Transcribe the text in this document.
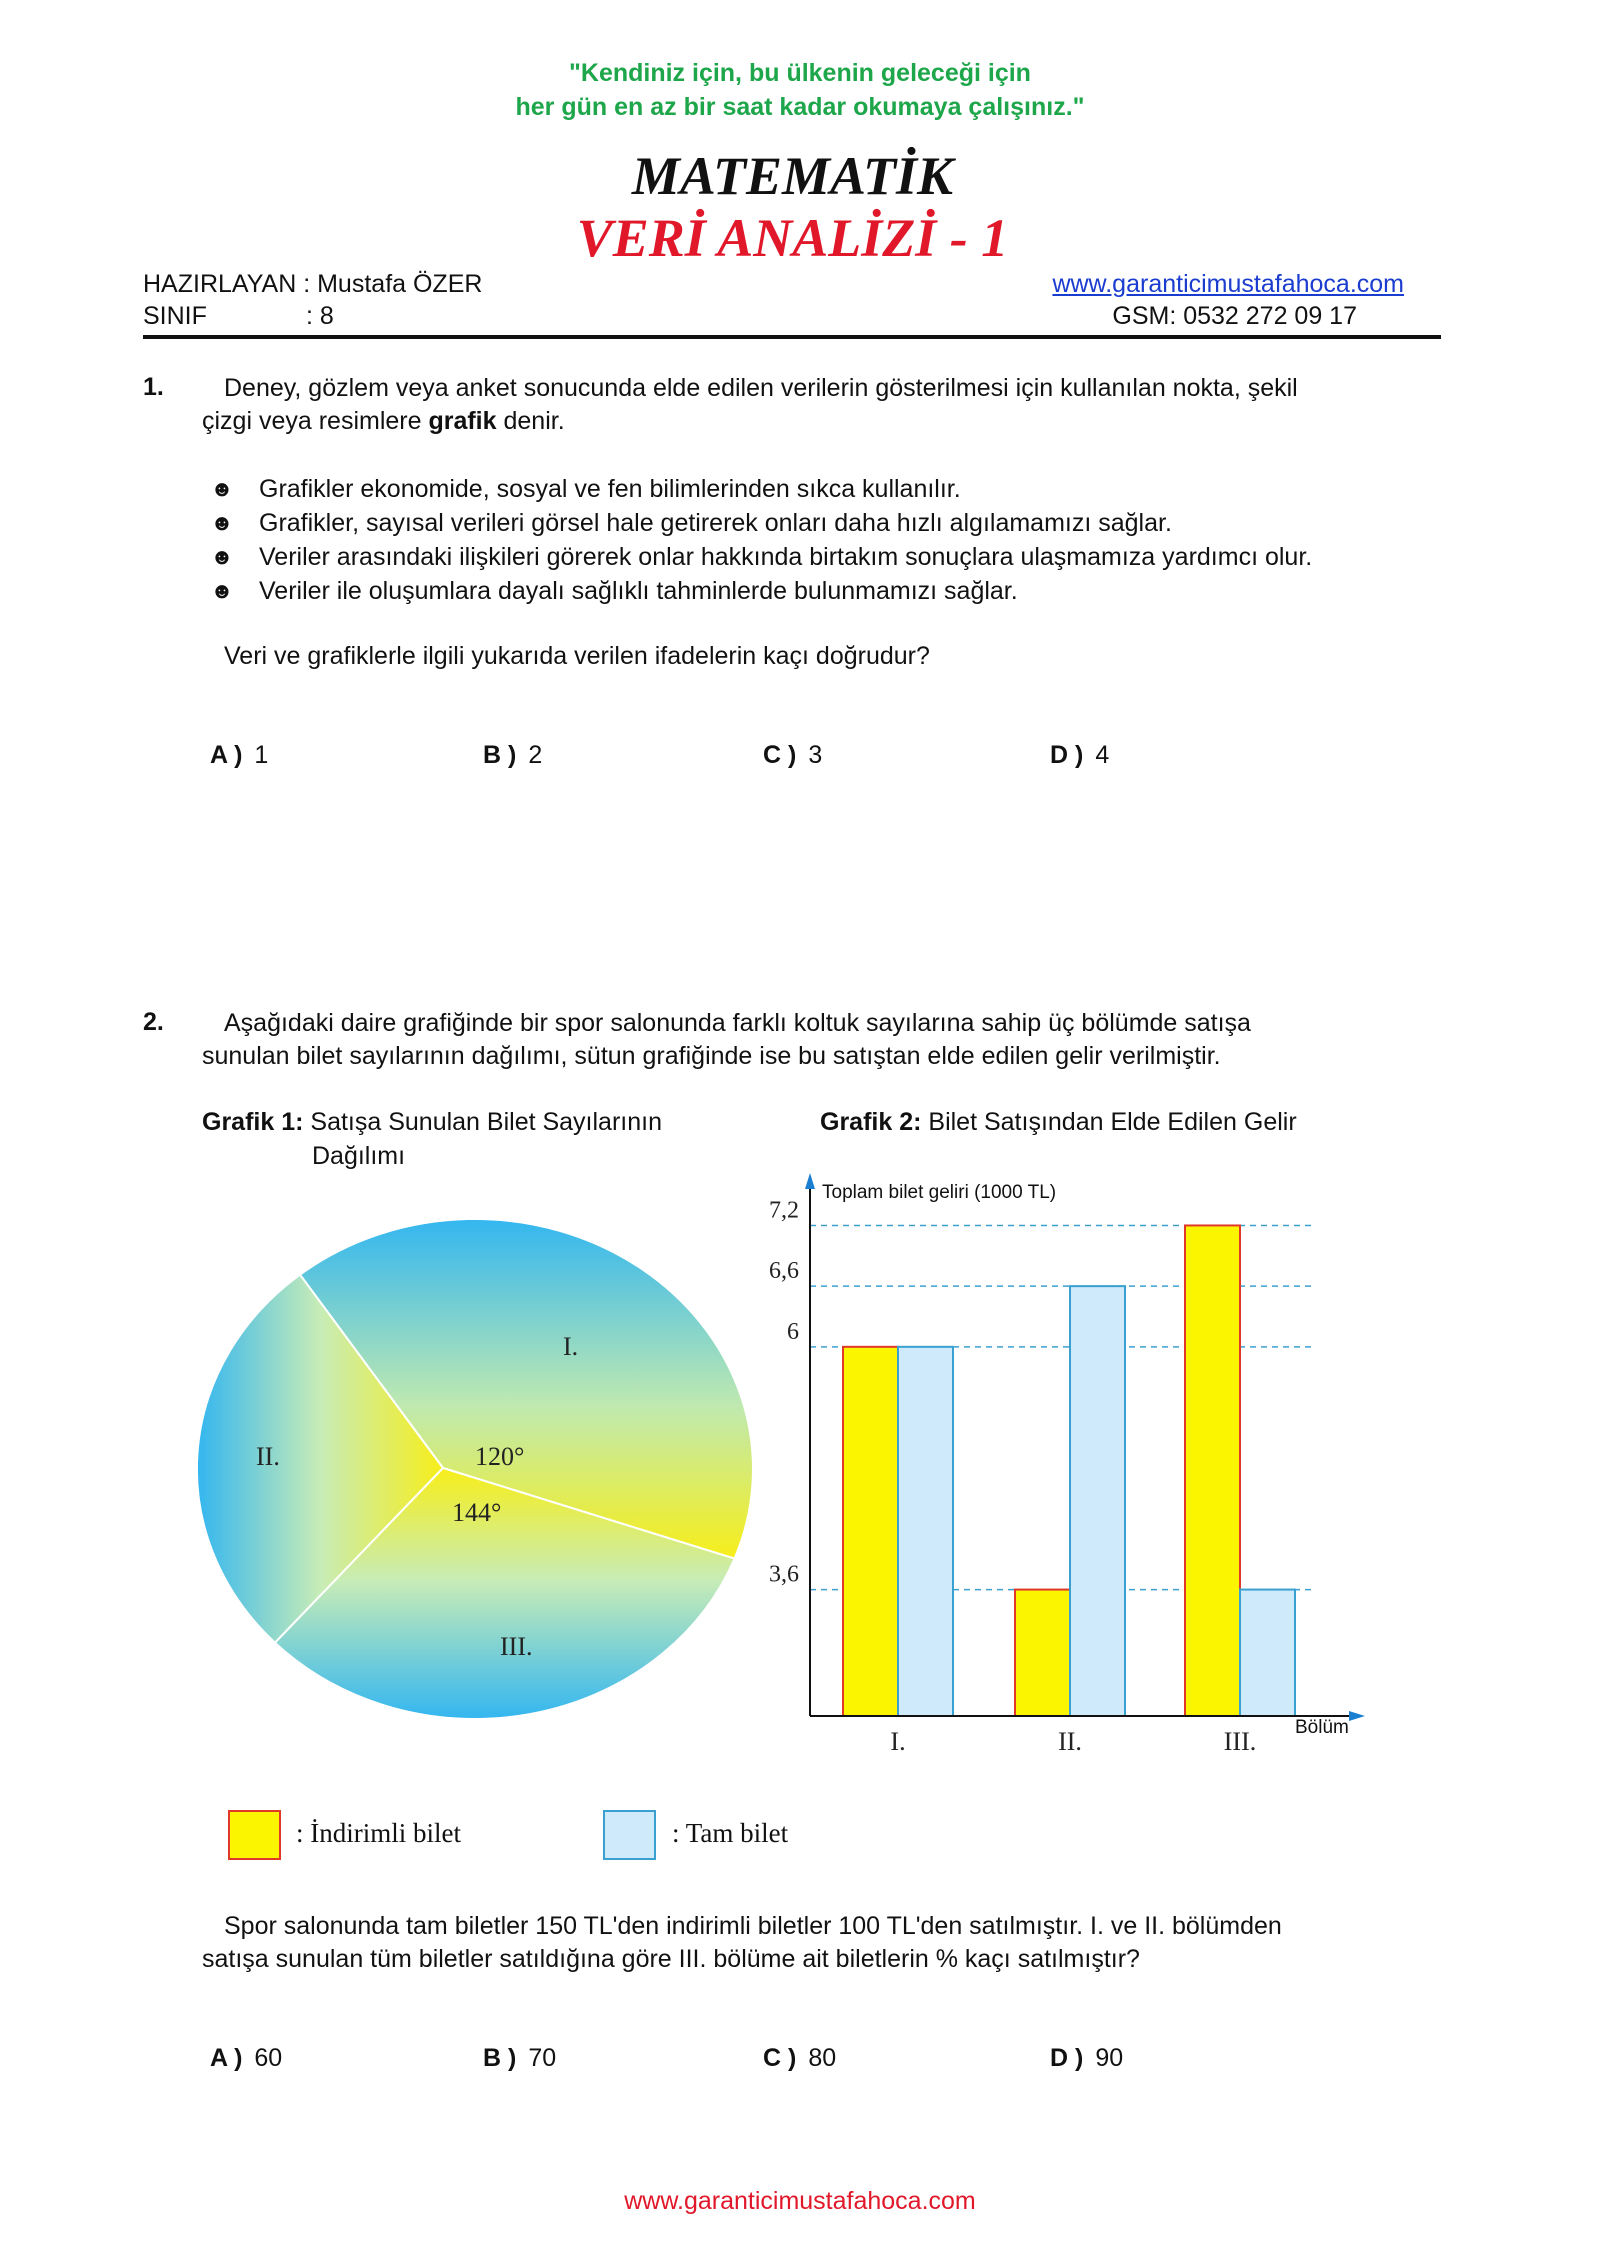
"Kendiniz için, bu ülkenin geleceği için
her gün en az bir saat kadar okumaya çalışınız."
MATEMATİK
VERİ ANALİZİ - 1
HAZIRLAYAN : Mustafa ÖZER
SINIF	: 8
www.garanticimustafahoca.com
GSM: 0532 272 09 17
1. Deney, gözlem veya anket sonucunda elde edilen verilerin gösterilmesi için kullanılan nokta, şekil
çizgi veya resimlere grafik denir.
☻	Grafikler ekonomide, sosyal ve fen bilimlerinden sıkca kullanılır.
☻	Grafikler, sayısal verileri görsel hale getirerek onları daha hızlı algılamamızı sağlar.
☻	Veriler arasındaki ilişkileri görerek onlar hakkında birtakım sonuçlara ulaşmamıza yardımcı olur.
☻	Veriler ile oluşumlara dayalı sağlıklı tahminlerde bulunmamızı sağlar.
Veri ve grafiklerle ilgili yukarıda verilen ifadelerin kaçı doğrudur?
A ) 1	B ) 2	C ) 3	D ) 4
2. Aşağıdaki daire grafiğinde bir spor salonunda farklı koltuk sayılarına sahip üç bölümde satışa
sunulan bilet sayılarının dağılımı, sütun grafiğinde ise bu satıştan elde edilen gelir verilmiştir.
Grafik 1: Satışa Sunulan Bilet Sayılarının
Dağılımı
Grafik 2: Bilet Satışından Elde Edilen Gelir
I.
II.
III.
120°
144°
7,2
6,6
6
3,6
I.	II.	III.
Toplam bilet geliri (1000 TL)
Bölüm
: İndirimli bilet	: Tam bilet
Spor salonunda tam biletler 150 TL'den indirimli biletler 100 TL'den satılmıştır. I. ve II. bölümden
satışa sunulan tüm biletler satıldığına göre III. bölüme ait biletlerin % kaçı satılmıştır?
A ) 60	B ) 70	C ) 80	D ) 90
www.garanticimustafahoca.com
